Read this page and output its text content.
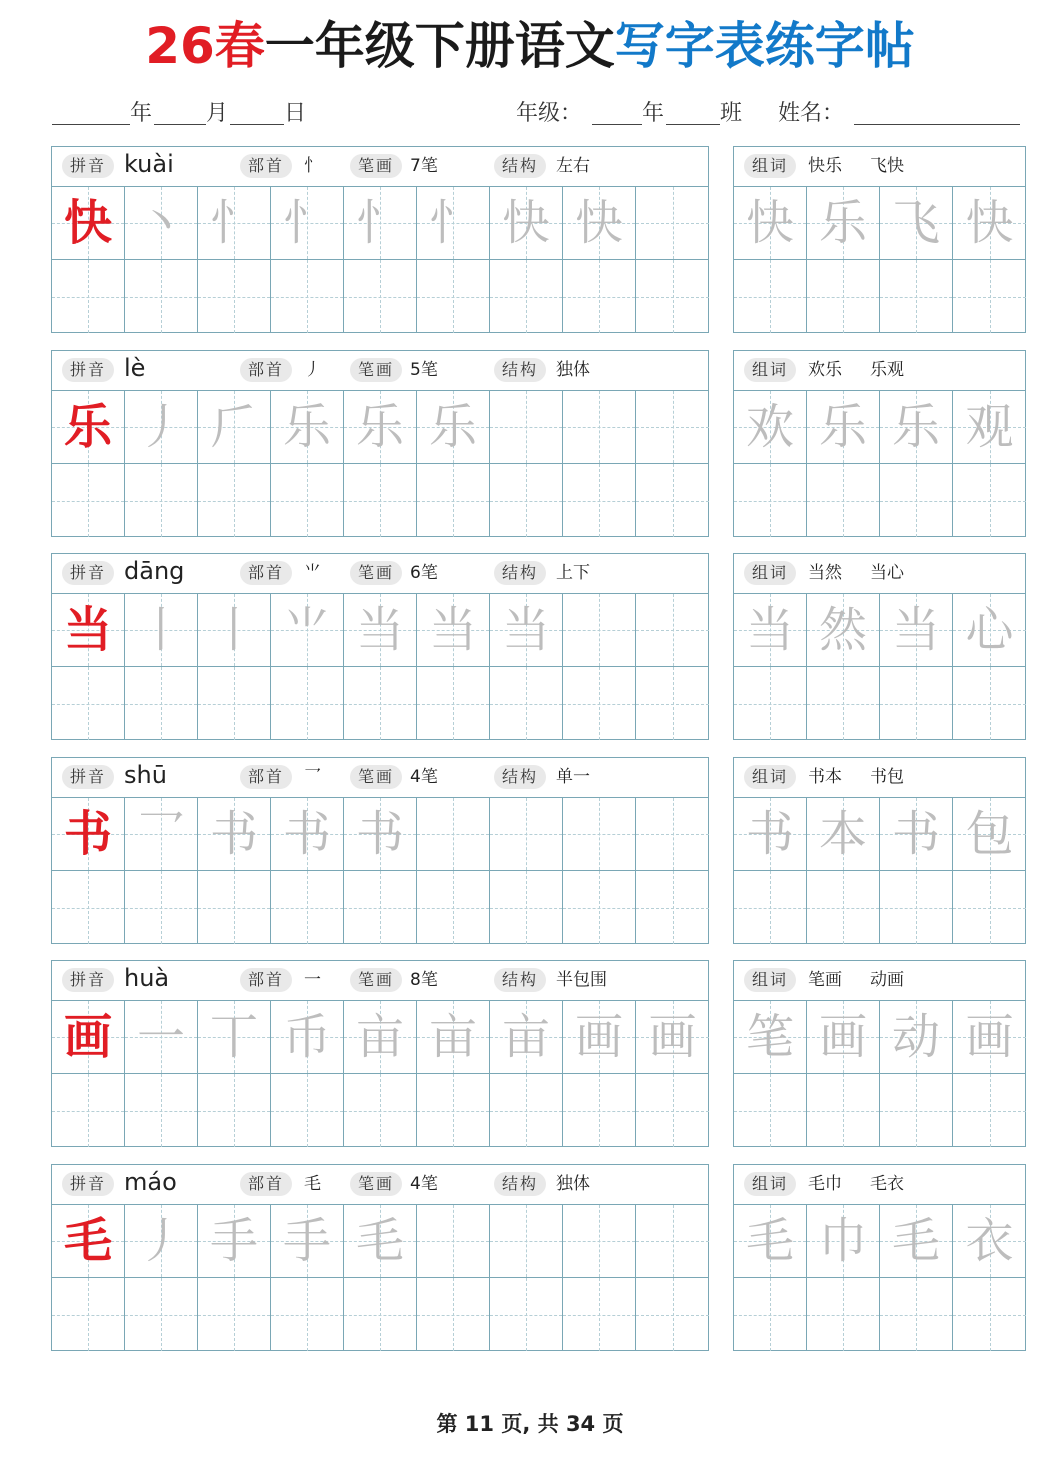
26春一年级下册语文写字表练字帖
年 月	日	年级：	年	班 姓名：
拼音 kuài	部首	忄	笔画 7笔	结构	左右
快 丶 忄 忄 忄 忄 快 快
组词	快乐 飞快
快 乐 飞 快
拼音 lè	部首	丿	笔画 5笔	结构	独体
乐 丿 𠂆 乐 乐 乐
组词	欢乐 乐观
欢 乐 乐 观
拼音 dāng	部首	⺌	笔画 6笔	结构	上下
当 丨 丨 ⺌ 当 当 当
组词	当然 当心
当 然 当 心
拼音 shū	部首	乛	笔画 4笔	结构	单一
书 乛 书 书 书
组词	书本 书包
书 本 书 包
拼音 huà	部首	一	笔画 8笔	结构	半包围
画 一 丅 币 亩 亩 亩 画 画
组词	笔画 动画
笔 画 动 画
拼音 máo	部首	毛	笔画 4笔	结构	独体
毛 丿 手 手 毛
组词	毛巾 毛衣
毛 巾 毛 衣
第 11 页, 共 34 页
